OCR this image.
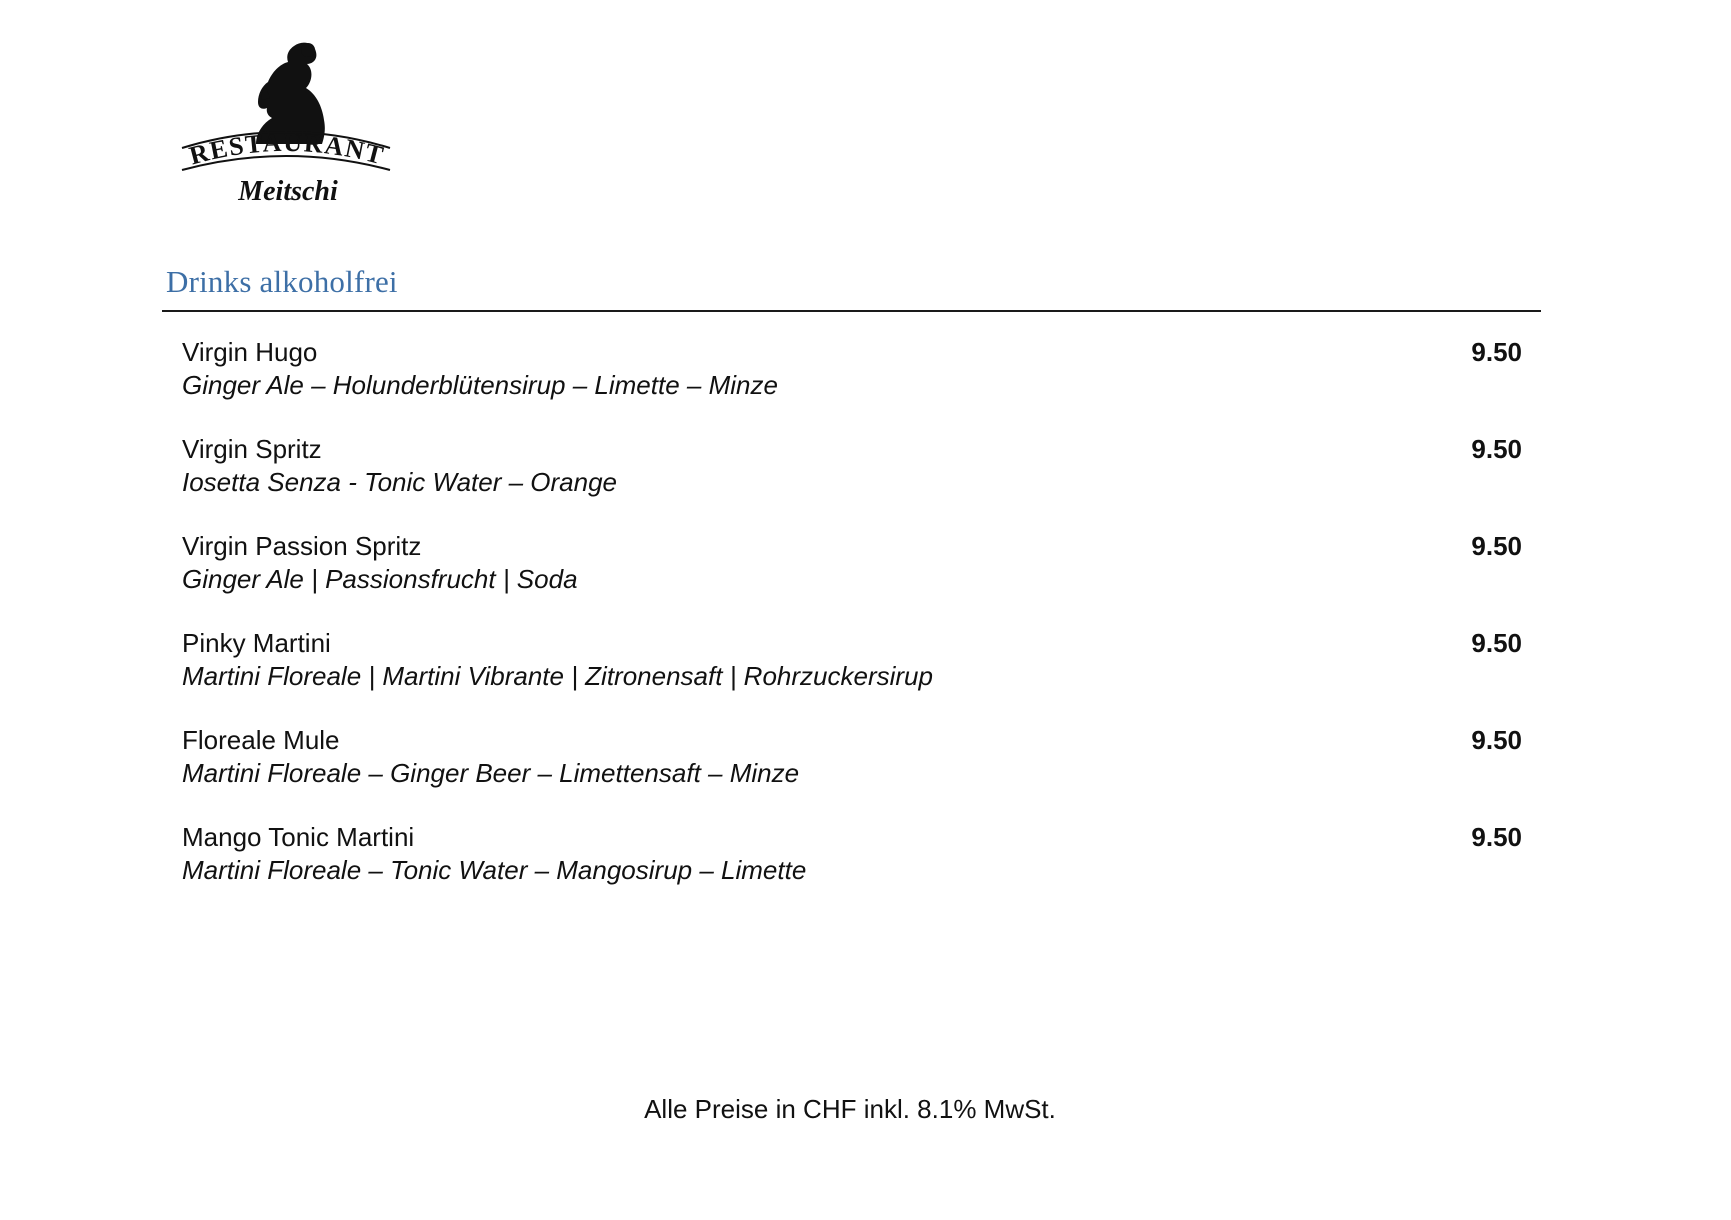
RESTAURANT
Meitschi
Drinks alkoholfrei
Virgin Hugo
Ginger Ale – Holunderblütensirup – Limette – Minze
9.50
Virgin Spritz
Iosetta Senza - Tonic Water – Orange
9.50
Virgin Passion Spritz
Ginger Ale | Passionsfrucht | Soda
9.50
Pinky Martini
Martini Floreale | Martini Vibrante | Zitronensaft | Rohrzuckersirup
9.50
Floreale Mule
Martini Floreale – Ginger Beer – Limettensaft – Minze
9.50
Mango Tonic Martini
Martini Floreale – Tonic Water – Mangosirup – Limette
9.50
Alle Preise in CHF inkl. 8.1% MwSt.
